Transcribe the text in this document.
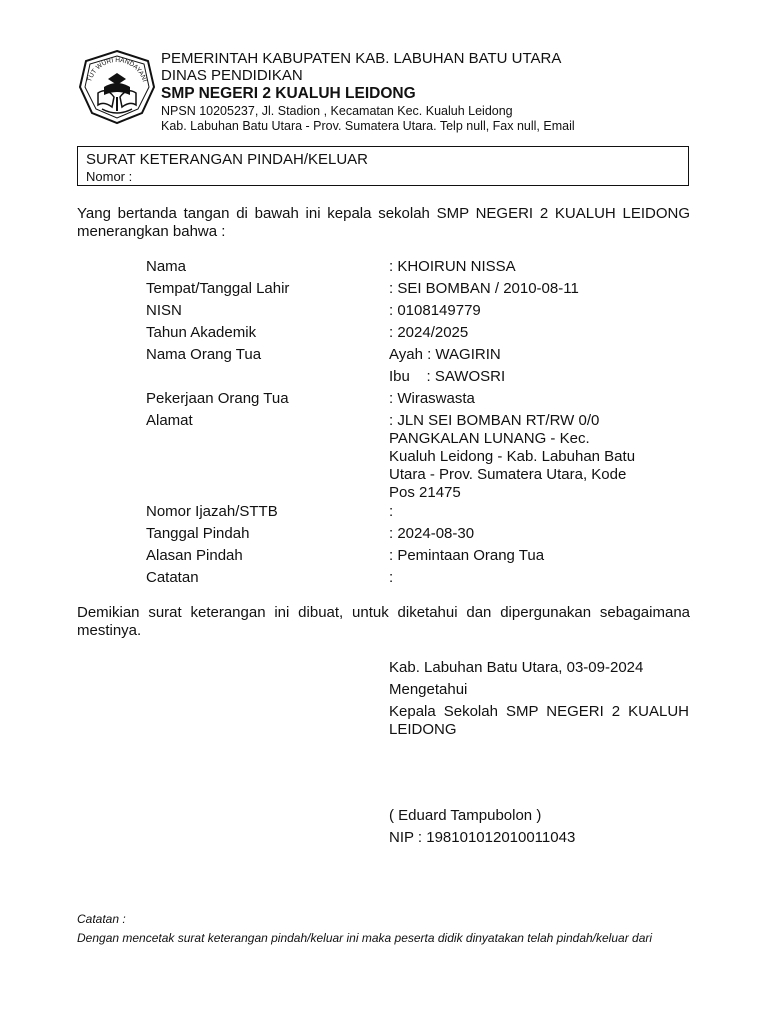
TUT WURI HANDAYANI
PEMERINTAH KABUPATEN KAB. LABUHAN BATU UTARA
DINAS PENDIDIKAN
SMP NEGERI 2 KUALUH LEIDONG
NPSN 10205237, Jl. Stadion , Kecamatan Kec. Kualuh Leidong
Kab. Labuhan Batu Utara - Prov. Sumatera Utara. Telp null, Fax null, Email
SURAT KETERANGAN PINDAH/KELUAR
Nomor :
Yang bertanda tangan di bawah ini kepala sekolah SMP NEGERI 2 KUALUH LEIDONG menerangkan bahwa :
Nama	: KHOIRUN NISSA
Tempat/Tanggal Lahir	: SEI BOMBAN / 2010-08-11
NISN	: 0108149779
Tahun Akademik	: 2024/2025
Nama Orang Tua	Ayah : WAGIRIN
Ibu    : SAWOSRI
Pekerjaan Orang Tua	: Wiraswasta
Alamat	: JLN SEI BOMBAN RT/RW 0/0 PANGKALAN LUNANG - Kec. Kualuh Leidong - Kab. Labuhan Batu Utara - Prov. Sumatera Utara, Kode Pos 21475
Nomor Ijazah/STTB	:
Tanggal Pindah	: 2024-08-30
Alasan Pindah	: Pemintaan Orang Tua
Catatan	:
Demikian surat keterangan ini dibuat, untuk diketahui dan dipergunakan sebagaimana mestinya.
Kab. Labuhan Batu Utara, 03-09-2024
Mengetahui
Kepala Sekolah SMP NEGERI 2 KUALUH LEIDONG
( Eduard Tampubolon )
NIP : 198101012010011043
Catatan :
Dengan mencetak surat keterangan pindah/keluar ini maka peserta didik dinyatakan telah pindah/keluar dari
